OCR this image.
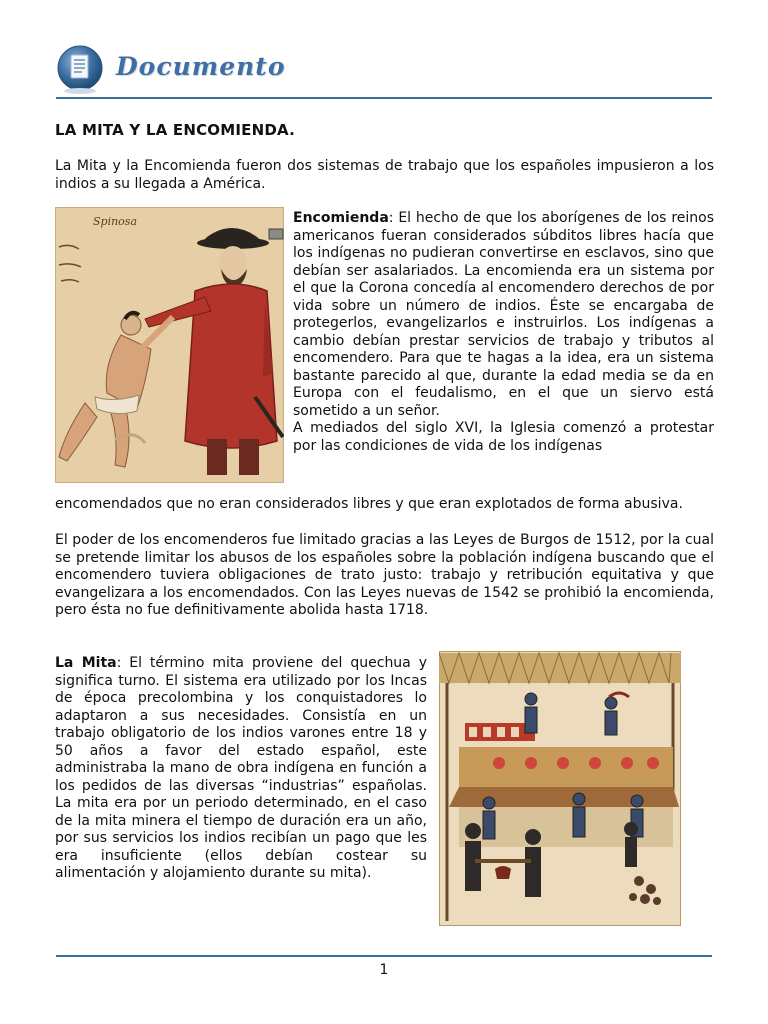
Documento
LA MITA Y LA ENCOMIENDA.

La Mita y la Encomienda fueron dos sistemas de trabajo que los españoles impusieron a los indios a su llegada a América.

Spinosa	Encomienda: El hecho de que los aborígenes de los reinos americanos fueran considerados súbditos libres hacía que los indígenas no pudieran convertirse en esclavos, sino que debían ser asalariados. La encomienda era un sistema por el que la Corona concedía al encomendero derechos de por vida sobre un número de indios. Éste se encargaba de protegerlos, evangelizarlos e instruirlos. Los indígenas a cambio debían prestar servicios de trabajo y tributos al encomendero. Para que te hagas a la idea, era un sistema bastante parecido al que, durante la edad media se da en Europa con el feudalismo, en el que un siervo está sometido a un señor.
A mediados del siglo XVI, la Iglesia comenzó a protestar por las condiciones de vida de los indígenas

encomendados que no eran considerados libres y que eran explotados de forma abusiva.

El poder de los encomenderos fue limitado gracias a las Leyes de Burgos de 1512, por la cual se pretende limitar los abusos de los españoles sobre la población indígena buscando que el encomendero tuviera obligaciones de trato justo: trabajo y retribución equitativa y que evangelizara a los encomendados. Con las Leyes nuevas de 1542 se prohibió la encomienda, pero ésta no fue definitivamente abolida hasta 1718.

La Mita: El término mita proviene del quechua y significa turno. El sistema era utilizado por los Incas de época precolombina y los conquistadores lo adaptaron a sus necesidades. Consistía en un trabajo obligatorio de los indios varones entre 18 y 50 años a favor del estado español, este administraba la mano de obra indígena en función a los pedidos de las diversas “industrias” españolas. La mita era por un periodo determinado, en el caso de la mita minera el tiempo de duración era un año, por sus servicios los indios recibían un pago que les era insuficiente (ellos debían costear su alimentación y alojamiento durante su mita).

1
